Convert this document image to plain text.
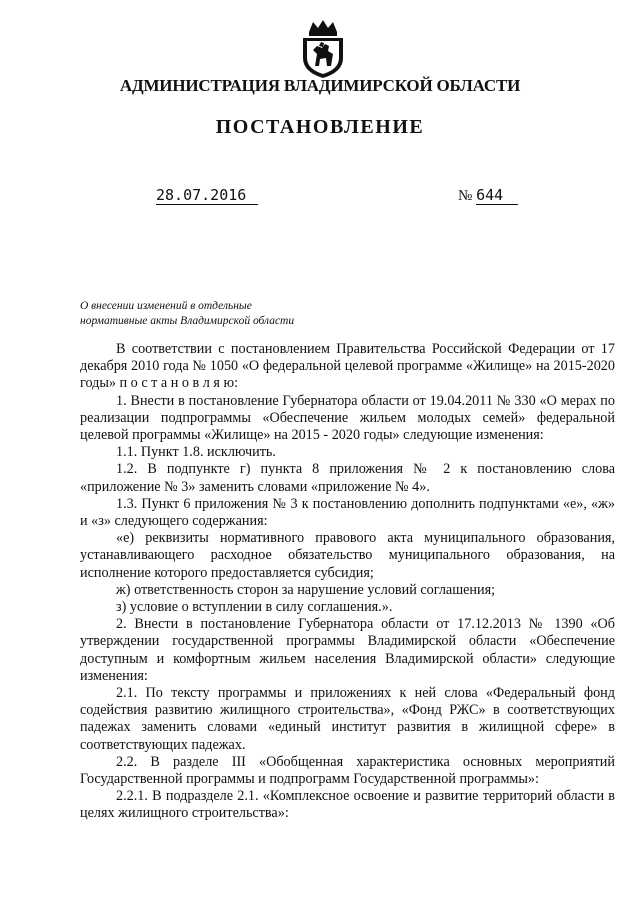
АДМИНИСТРАЦИЯ ВЛАДИМИРСКОЙ ОБЛАСТИ
ПОСТАНОВЛЕНИЕ
28.07.2016	№ 644
О внесении изменений в отдельные
нормативные акты Владимирской области

В соответствии с постановлением Правительства Российской Федерации от 17 декабря 2010 года № 1050 «О федеральной целевой программе «Жилище» на 2015-2020 годы» п о с т а н о в л я ю:

1. Внести в постановление Губернатора области от 19.04.2011 № 330 «О мерах по реализации подпрограммы «Обеспечение жильем молодых семей» федеральной целевой программы «Жилище» на 2015 - 2020 годы» следующие изменения:

1.1. Пункт 1.8. исключить.

1.2. В подпункте г) пункта 8 приложения № 2 к постановлению слова «приложение № 3» заменить словами «приложение № 4».

1.3. Пункт 6 приложения № 3 к постановлению дополнить подпунктами «е», «ж» и «з» следующего содержания:

«е) реквизиты нормативного правового акта муниципального образования, устанавливающего расходное обязательство муниципального образования, на исполнение которого предоставляется субсидия;

ж) ответственность сторон за нарушение условий соглашения;

з) условие о вступлении в силу соглашения.».

2. Внести в постановление Губернатора области от 17.12.2013 № 1390 «Об утверждении государственной программы Владимирской области «Обеспечение доступным и комфортным жильем населения Владимирской области» следующие изменения:

2.1. По тексту программы и приложениях к ней слова «Федеральный фонд содействия развитию жилищного строительства», «Фонд РЖС» в соответствующих падежах заменить словами «единый институт развития в жилищной сфере» в соответствующих падежах.

2.2. В разделе III «Обобщенная характеристика основных мероприятий Государственной программы и подпрограмм Государственной программы»:

2.2.1. В подразделе 2.1. «Комплексное освоение и развитие территорий области в целях жилищного строительства»:
